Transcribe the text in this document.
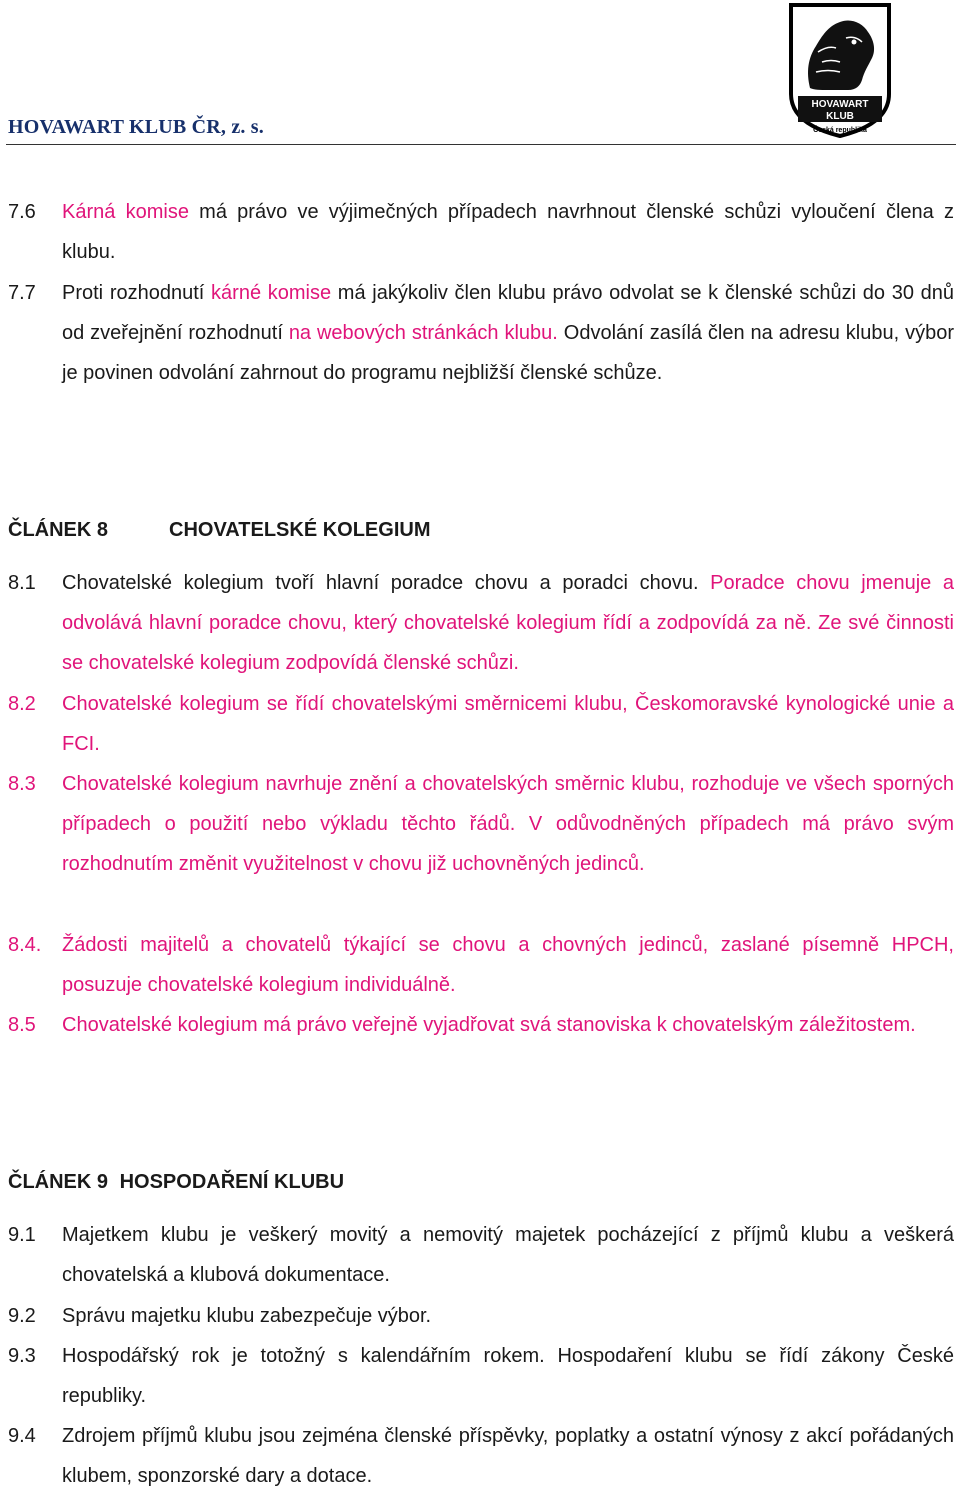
HOVAWART KLUB ČR, z. s.
HOVAWART
KLUB
Česká republika
7.6 Kárná komise má právo ve výjimečných případech navrhnout členské schůzi vyloučení člena z klubu.
7.7 Proti rozhodnutí kárné komise má jakýkoliv člen klubu právo odvolat se k členské schůzi do 30 dnů od zveřejnění rozhodnutí na webových stránkách klubu. Odvolání zasílá člen na adresu klubu, výbor je povinen odvolání zahrnout do programu nejbližší členské schůze.
ČLÁNEK 8	CHOVATELSKÉ KOLEGIUM
8.1 Chovatelské kolegium tvoří hlavní poradce chovu a poradci chovu. Poradce chovu jmenuje a odvolává hlavní poradce chovu, který chovatelské kolegium řídí a zodpovídá za ně. Ze své činnosti se chovatelské kolegium zodpovídá členské schůzi.
8.2 Chovatelské kolegium se řídí chovatelskými směrnicemi klubu, Českomoravské kynologické unie a FCI.
8.3 Chovatelské kolegium navrhuje znění a chovatelských směrnic klubu, rozhoduje ve všech sporných případech o použití nebo výkladu těchto řádů. V odůvodněných případech má právo svým rozhodnutím změnit využitelnost v chovu již uchovněných jedinců.
8.4. Žádosti majitelů a chovatelů týkající se chovu a chovných jedinců, zaslané písemně HPCH, posuzuje chovatelské kolegium individuálně.
8.5 Chovatelské kolegium má právo veřejně vyjadřovat svá stanoviska k chovatelským záležitostem.
ČLÁNEK 9 HOSPODAŘENÍ KLUBU
9.1 Majetkem klubu je veškerý movitý a nemovitý majetek pocházející z příjmů klubu a veškerá chovatelská a klubová dokumentace.
9.2 Správu majetku klubu zabezpečuje výbor.
9.3 Hospodářský rok je totožný s kalendářním rokem. Hospodaření klubu se řídí zákony České republiky.
9.4 Zdrojem příjmů klubu jsou zejména členské příspěvky, poplatky a ostatní výnosy z akcí pořádaných klubem, sponzorské dary a dotace.
